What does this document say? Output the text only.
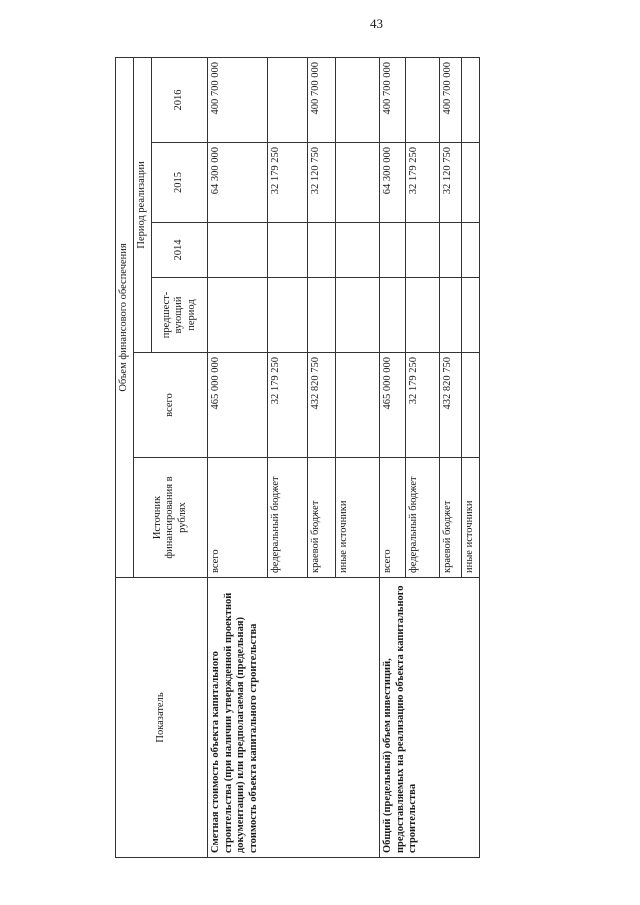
43
Показатель	Объем финансового обеспечения					
	Источник финансирования в рублях	всего	Период реализации			
			предшест-вующий период	2014	2015	2016
Сметная стоимость объекта капитального строительства (при наличии утвержденной проектной документации) или предполагаемая (предельная) стоимость объекта капитального строительства	всего	465 000 000			64 300 000	400 700 000
	федеральный бюджет	32 179 250			32 179 250	
	краевой бюджет	432 820 750			32 120 750	400 700 000
	иные источники					
Общий (предельный) объем инвестиций, предоставляемых на реализацию объекта капитального строительства	всего	465 000 000			64 300 000	400 700 000
	федеральный бюджет	32 179 250			32 179 250	
	краевой бюджет	432 820 750			32 120 750	400 700 000
	иные источники					
